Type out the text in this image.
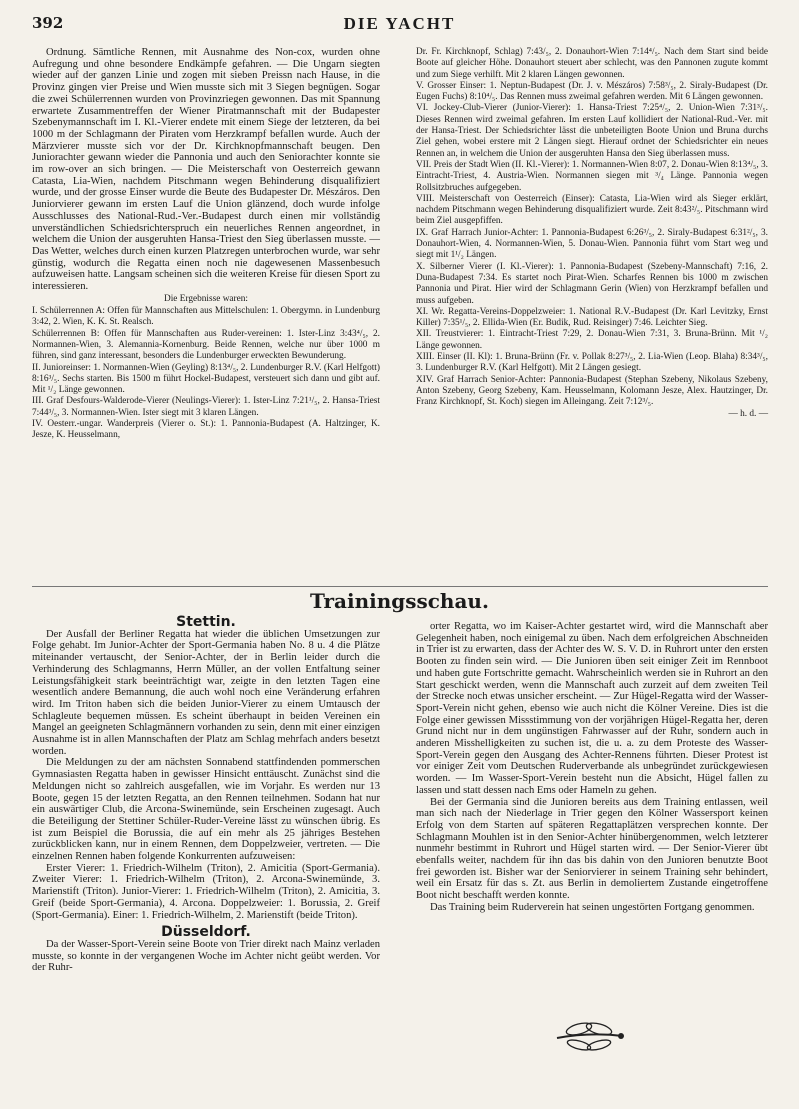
392	DIE YACHT

Ordnung. Sämtliche Rennen, mit Ausnahme des Non-cox, wurden ohne Aufregung und ohne besondere Endkämpfe gefahren. — Die Ungarn siegten wieder auf der ganzen Linie und zogen mit sieben Preissn nach Hause, in die Provinz gingen vier Preise und Wien musste sich mit 3 Siegen begnügen. Sogar die zwei Schülerrennen wurden von Provinzriegen gewonnen. Das mit Spannung erwartete Zusammentreffen der Wiener Piratmannschaft mit der Budapester Szebenymannschaft im I. Kl.-Vierer endete mit einem Siege der letzteren, da bei 1000 m der Schlagmann der Piraten vom Herzkrampf befallen wurde. Auch der Märzvierer musste sich vor der Dr. Kirchknopfmannschaft beugen. Den Juniorachter gewann wieder die Pannonia und auch den Seniorachter konnte sie im row-over an sich bringen. — Die Meisterschaft von Oesterreich gewann Catasta, Lia-Wien, nachdem Pitschmann wegen Behinderung disqualifiziert wurde, und der grosse Einser wurde die Beute des Budapester Dr. Mészáros. Den Juniorvierer gewann im ersten Lauf die Union glänzend, doch wurde infolge Ausschlusses des National-Rud.-Ver.-Budapest durch einen mir vollständig unverständlichen Schiedsrichterspruch ein neuerliches Rennen angeordnet, in welchem die Union der ausgeruhten Hansa-Triest den Sieg überlassen musste. — Das Wetter, welches durch einen kurzen Platzregen unterbrochen wurde, war sehr günstig, wodurch die Regatta einen noch nie dagewesenen Massenbesuch aufzuweisen hatte. Langsam scheinen sich die weiteren Kreise für diesen Sport zu interessieren.

Die Ergebnisse waren:

I. Schülerrennen A: Offen für Mannschaften aus Mittelschulen: 1. Obergymn. in Lundenburg 3:42, 2. Wien, K. K. St. Realsch.

Schülerrennen B: Offen für Mannschaften aus Ruder-vereinen: 1. Ister-Linz 3:43⁴/₅, 2. Normannen-Wien, 3. Alemannia-Kornenburg. Beide Rennen, welche nur über 1000 m führen, sind ganz interessant, besonders die Lundenburger erweckten Bewunderung.

II. Junioreinser: 1. Normannen-Wien (Geyling) 8:13⁴/₅, 2. Lundenburger R.V. (Karl Helfgott) 8:16³/₅. Sechs starten. Bis 1500 m führt Hockel-Budapest, versteuert sich dann und gibt auf. Mit ¹/₂ Länge gewonnen.

III. Graf Desfours-Walderode-Vierer (Neulings-Vierer): 1. Ister-Linz 7:21¹/₅, 2. Hansa-Triest 7:44³/₅, 3. Normannen-Wien. Ister siegt mit 3 klaren Längen.

IV. Oesterr.-ungar. Wanderpreis (Vierer o. St.): 1. Pannonia-Budapest (A. Haltzinger, K. Jesze, K. Heusselmann,

Dr. Fr. Kirchknopf, Schlag) 7:43/₅, 2. Donauhort-Wien 7:14⁴/₅. Nach dem Start sind beide Boote auf gleicher Höhe. Donauhort steuert aber schlecht, was den Pannonen zugute kommt und zum Siege verhilft. Mit 2 klaren Längen gewonnen.

V. Grosser Einser: 1. Neptun-Budapest (Dr. J. v. Mészáros) 7:58³/₅, 2. Siraly-Budapest (Dr. Eugen Fuchs) 8:10⁴/₅. Das Rennen muss zweimal gefahren werden. Mit 6 Längen gewonnen.

VI. Jockey-Club-Vierer (Junior-Vierer): 1. Hansa-Triest 7:25⁴/₅, 2. Union-Wien 7:31³/₅. Dieses Rennen wird zweimal gefahren. Im ersten Lauf kollidiert der National-Rud.-Ver. mit der Hansa-Triest. Der Schiedsrichter lässt die unbeteiligten Boote Union und Bruna durchs Ziel gehen, wobei erstere mit 2 Längen siegt. Hierauf ordnet der Schiedsrichter ein neues Rennen an, in welchem die Union der ausgeruhten Hansa den Sieg überlassen muss.

VII. Preis der Stadt Wien (II. Kl.-Vierer): 1. Normannen-Wien 8:07, 2. Donau-Wien 8:13⁴/₅, 3. Eintracht-Triest, 4. Austria-Wien. Normannen siegen mit ³/₄ Länge. Pannonia wegen Rollsitzbruches aufgegeben.

VIII. Meisterschaft von Oesterreich (Einser): Catasta, Lia-Wien wird als Sieger erklärt, nachdem Pitschmann wegen Behinderung disqualifiziert wurde. Zeit 8:43²/₅. Pitschmann wird beim Ziel ausgepfiffen.

IX. Graf Harrach Junior-Achter: 1. Pannonia-Budapest 6:26³/₅, 2. Siraly-Budapest 6:31²/₅, 3. Donauhort-Wien, 4. Normannen-Wien, 5. Donau-Wien. Pannonia führt vom Start weg und siegt mit 1¹/₂ Längen.

X. Silberner Vierer (I. Kl.-Vierer): 1. Pannonia-Budapest (Szebeny-Mannschaft) 7:16, 2. Duna-Budapest 7:34. Es startet noch Pirat-Wien. Scharfes Rennen bis 1000 m zwischen Pannonia und Pirat. Hier wird der Schlagmann Gerin (Wien) von Herzkrampf befallen und muss aufgeben.

XI. Wr. Regatta-Vereins-Doppelzweier: 1. National R.V.-Budapest (Dr. Karl Levitzky, Ernst Killer) 7:35¹/₅, 2. Ellida-Wien (Er. Budik, Rud. Reisinger) 7:46. Leichter Sieg.

XII. Treustvierer: 1. Eintracht-Triest 7:29, 2. Donau-Wien 7:31, 3. Bruna-Brünn. Mit ¹/₂ Länge gewonnen.

XIII. Einser (II. Kl): 1. Bruna-Brünn (Fr. v. Pollak 8:27³/₅, 2. Lia-Wien (Leop. Blaha) 8:34³/₅, 3. Lundenburger R.V. (Karl Helfgott). Mit 2 Längen gesiegt.

XIV. Graf Harrach Senior-Achter: Pannonia-Budapest (Stephan Szebeny, Nikolaus Szebeny, Anton Szebeny, Georg Szebeny, Kam. Heusselmann, Kolomann Jesze, Alex. Hautzinger, Dr. Franz Kirchknopf, St. Koch) siegen im Alleingang. Zeit 7:12³/₅.

— h. d. —
Trainingsschau.

Stettin.

Der Ausfall der Berliner Regatta hat wieder die üblichen Umsetzungen zur Folge gehabt. Im Junior-Achter der Sport-Germania haben No. 8 u. 4 die Plätze miteinander vertauscht, der Senior-Achter, der in Berlin leider durch die Verhinderung des Schlagmanns, Herrn Müller, an der vollen Entfaltung seiner Leistungsfähigkeit stark beeinträchtigt war, zeigte in den letzten Tagen eine wesentlich andere Bemannung, die auch wohl noch eine Veränderung erfahren wird. Im Triton haben sich die beiden Junior-Vierer zu einem Umtausch der Schlagleute bequemen müssen. Es scheint überhaupt in beiden Vereinen ein Mangel an geeigneten Schlagmännern vorhanden zu sein, denn mit einer einzigen Ausnahme ist in allen Mannschaften der Platz am Schlag mehrfach anders besetzt worden.

Die Meldungen zu der am nächsten Sonnabend stattfindenden pommerschen Gymnasiasten Regatta haben in gewisser Hinsicht enttäuscht. Zunächst sind die Meldungen nicht so zahlreich ausgefallen, wie im Vorjahr. Es werden nur 13 Boote, gegen 15 der letzten Regatta, an den Rennen teilnehmen. Sodann hat nur ein auswärtiger Club, die Arcona-Swinemünde, sein Erscheinen zugesagt. Auch die Beteiligung der Stettiner Schüler-Ruder-Vereine lässt zu wünschen übrig. Es ist zum Beispiel die Borussia, die auf ein mehr als 25 jähriges Bestehen zurückblicken kann, nur in einem Rennen, dem Doppelzweier, vertreten. — Die einzelnen Rennen haben folgende Konkurrenten aufzuweisen:

Erster Vierer: 1. Friedrich-Wilhelm (Triton), 2. Amicitia (Sport-Germania). Zweiter Vierer: 1. Friedrich-Wilhelm (Triton), 2. Arcona-Swinemünde, 3. Marienstift (Triton). Junior-Vierer: 1. Friedrich-Wilhelm (Triton), 2. Amicitia, 3. Greif (beide Sport-Germania), 4. Arcona. Doppelzweier: 1. Borussia, 2. Greif (Sport-Germania). Einer: 1. Friedrich-Wilhelm, 2. Marienstift (beide Triton).

Düsseldorf.

Da der Wasser-Sport-Verein seine Boote von Trier direkt nach Mainz verladen musste, so konnte in der vergangenen Woche im Achter nicht geübt werden. Vor der Ruhr-

orter Regatta, wo im Kaiser-Achter gestartet wird, wird die Mannschaft aber Gelegenheit haben, noch einigemal zu üben. Nach dem erfolgreichen Abschneiden in Trier ist zu erwarten, dass der Achter des W. S. V. D. in Ruhrort unter den ersten Booten zu finden sein wird. — Die Junioren üben seit einiger Zeit im Rennboot und haben gute Fortschritte gemacht. Wahrscheinlich werden sie in Ruhrort an den Start geschickt werden, wenn die Mannschaft auch zurzeit auf dem zweiten Teil der Strecke noch etwas unsicher erscheint. — Zur Hügel-Regatta wird der Wasser-Sport-Verein nicht gehen, ebenso wie auch nicht die Kölner Vereine. Dies ist die Folge einer gewissen Missstimmung von der vorjährigen Hügel-Regatta her, deren Grund nicht nur in dem ungünstigen Fahrwasser auf der Ruhr, sondern auch in anderen Misshelligkeiten zu suchen ist, die u. a. zu dem Proteste des Wasser-Sport-Verein gegen den Ausgang des Achter-Rennens führten. Dieser Protest ist vor einiger Zeit vom Deutschen Ruderverbande als unbegründet zurückgewiesen worden. — Im Wasser-Sport-Verein besteht nun die Absicht, Hügel fallen zu lassen und statt dessen nach Ems oder Hameln zu gehen.

Bei der Germania sind die Junioren bereits aus dem Training entlassen, weil man sich nach der Niederlage in Trier gegen den Kölner Wassersport keinen Erfolg von dem Starten auf späteren Regattaplätzen versprechen konnte. Der Schlagmann Mouhlen ist in den Senior-Achter hinübergenommen, welch letzterer nunmehr bestimmt in Ruhrort und Hügel starten wird. — Der Senior-Vierer übt ebenfalls weiter, nachdem für ihn das bis dahin von den Junioren benutzte Boot frei geworden ist. Bisher war der Seniorvierer in seinem Training sehr behindert, weil ein Ersatz für das s. Zt. aus Berlin in demoliertem Zustande eingetroffene Boot nicht beschafft werden konnte.

Das Training beim Ruderverein hat seinen ungestörten Fortgang genommen.
